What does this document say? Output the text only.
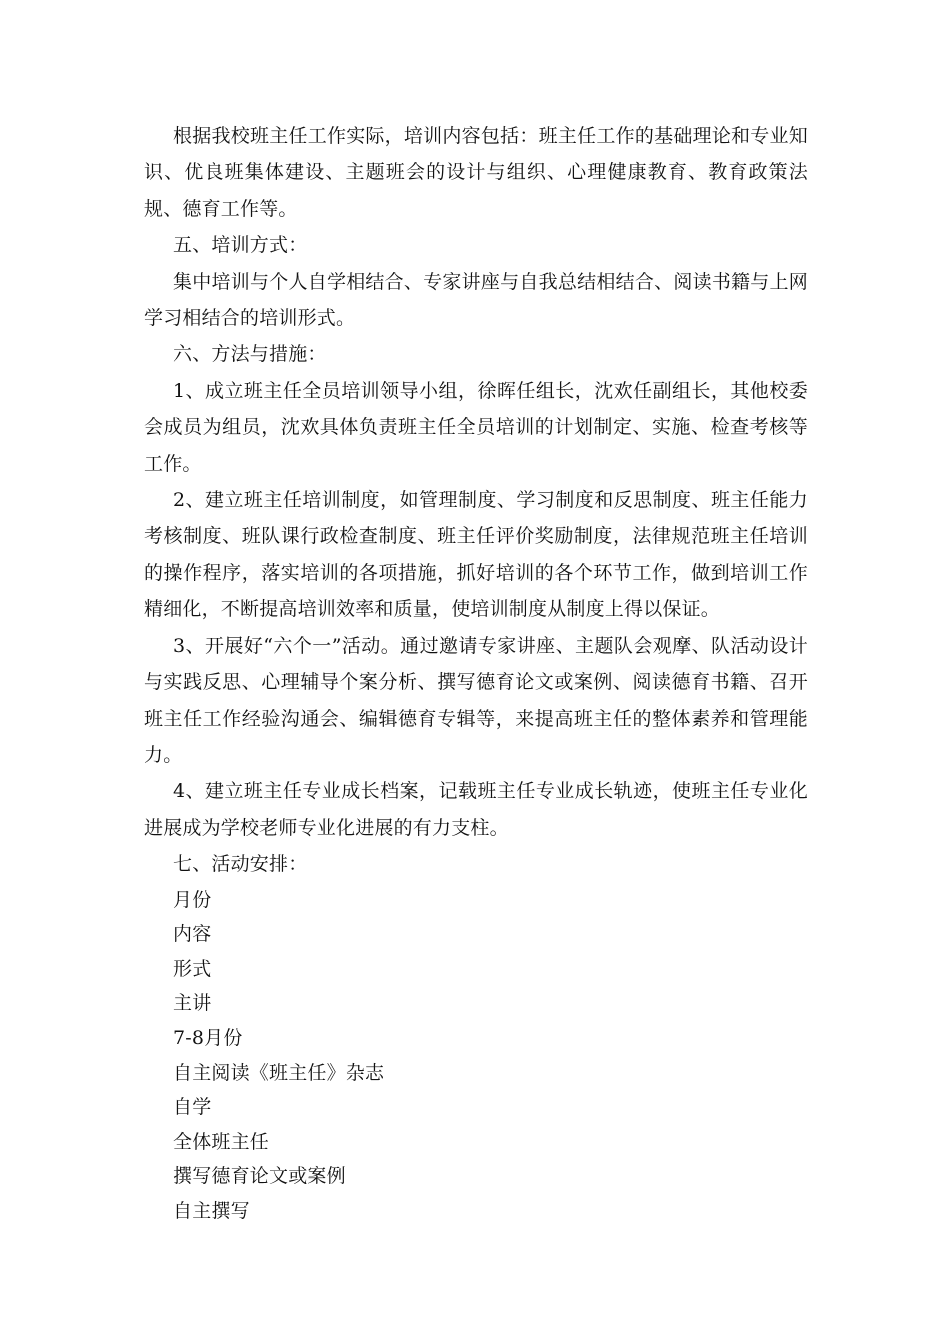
根据我校班主任工作实际，培训内容包括：班主任工作的基础理论和专业知识、优良班集体建设、主题班会的设计与组织、心理健康教育、教育政策法规、德育工作等。

五、培训方式：

集中培训与个人自学相结合、专家讲座与自我总结相结合、阅读书籍与上网学习相结合的培训形式。

六、方法与措施：

1、成立班主任全员培训领导小组，徐晖任组长，沈欢任副组长，其他校委会成员为组员，沈欢具体负责班主任全员培训的计划制定、实施、检查考核等工作。

2、建立班主任培训制度，如管理制度、学习制度和反思制度、班主任能力考核制度、班队课行政检查制度、班主任评价奖励制度，法律规范班主任培训的操作程序，落实培训的各项措施，抓好培训的各个环节工作，做到培训工作精细化，不断提高培训效率和质量，使培训制度从制度上得以保证。

3、开展好“六个一”活动。通过邀请专家讲座、主题队会观摩、队活动设计与实践反思、心理辅导个案分析、撰写德育论文或案例、阅读德育书籍、召开班主任工作经验沟通会、编辑德育专辑等，来提高班主任的整体素养和管理能力。

4、建立班主任专业成长档案，记载班主任专业成长轨迹，使班主任专业化进展成为学校老师专业化进展的有力支柱。

七、活动安排：

月份

内容

形式

主讲

7-8月份

自主阅读《班主任》杂志

自学

全体班主任

撰写德育论文或案例

自主撰写
